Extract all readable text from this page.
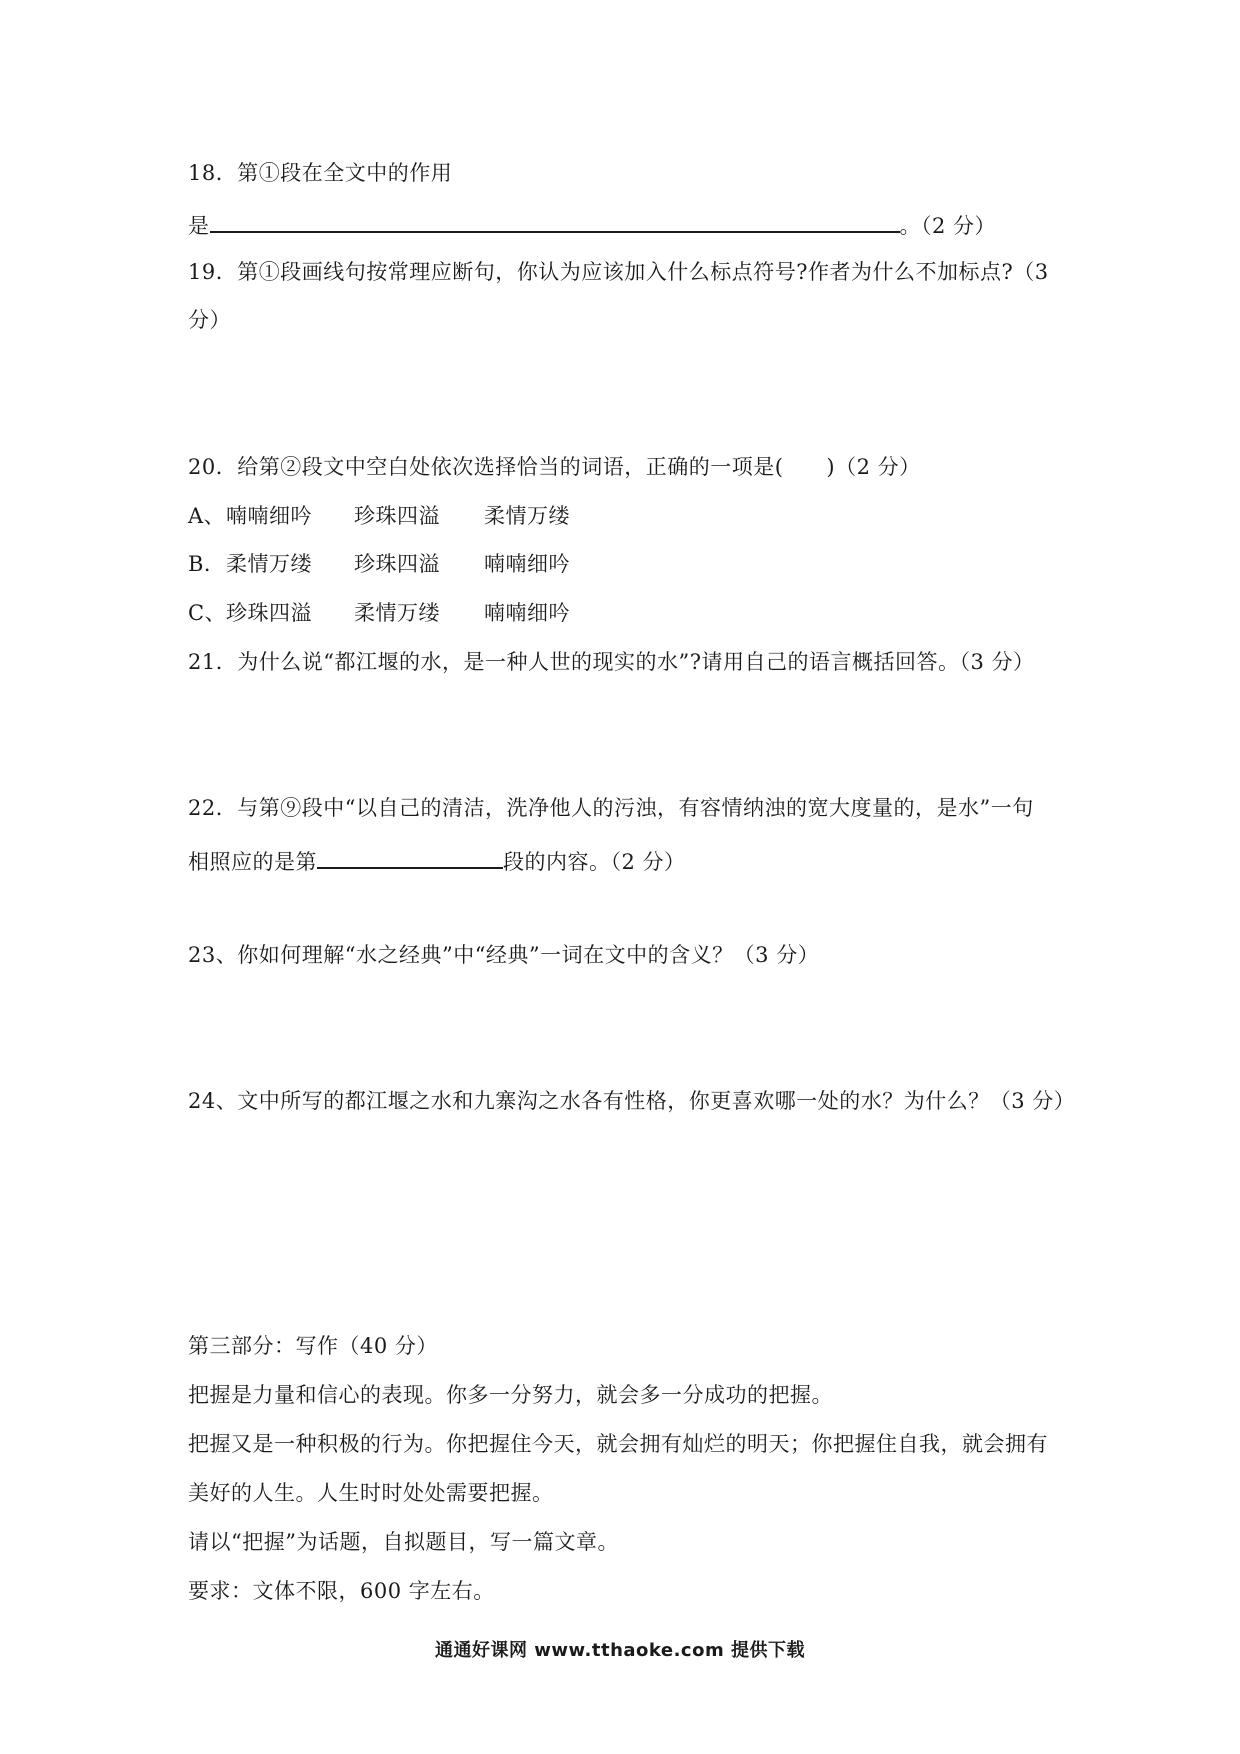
18．第①段在全文中的作用
是	。（2 分）
19．第①段画线句按常理应断句，你认为应该加入什么标点符号?作者为什么不加标点?（3
分）
20．给第②段文中空白处依次选择恰当的词语，正确的一项是(　　)（2 分）
A、喃喃细吟 珍珠四溢 柔情万缕
B．柔情万缕 珍珠四溢 喃喃细吟
C、珍珠四溢 柔情万缕 喃喃细吟
21．为什么说“都江堰的水，是一种人世的现实的水”?请用自己的语言概括回答。（3 分）
22．与第⑨段中“以自己的清洁，洗净他人的污浊，有容情纳浊的宽大度量的，是水”一句
相照应的是第	段的内容。（2 分）
23、你如何理解“水之经典”中“经典”一词在文中的含义？（3 分）
24、文中所写的都江堰之水和九寨沟之水各有性格，你更喜欢哪一处的水？为什么？（3 分）
第三部分：写作（40 分）
把握是力量和信心的表现。你多一分努力，就会多一分成功的把握。
把握又是一种积极的行为。你把握住今天，就会拥有灿烂的明天；你把握住自我，就会拥有
美好的人生。人生时时处处需要把握。
请以“把握”为话题，自拟题目，写一篇文章。
要求：文体不限，600 字左右。
通通好课网 www.tthaoke.com 提供下载
